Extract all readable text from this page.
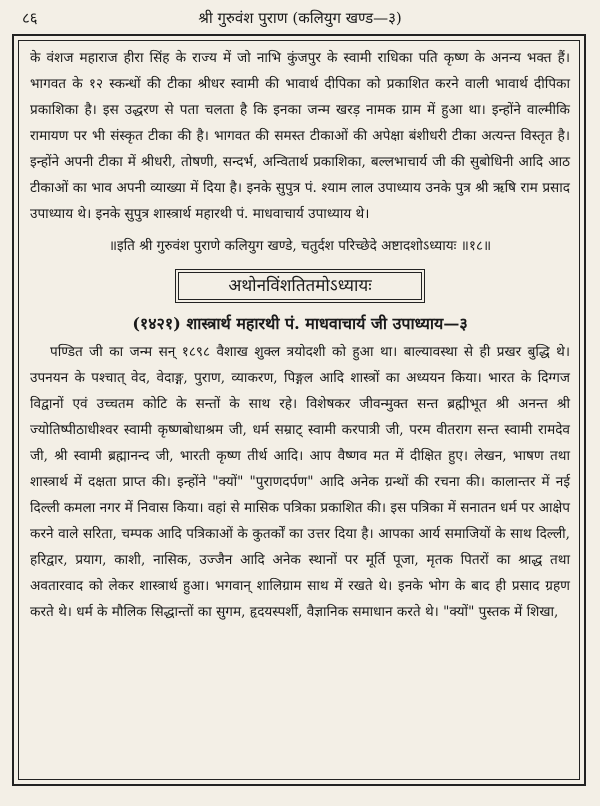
८६	श्री गुरुवंश पुराण (कलियुग खण्ड—३)

के वंशज महाराज हीरा सिंह के राज्य में जो नाभि कुंजपुर के स्वामी राधिका पति कृष्ण के अनन्य भक्त हैं। भागवत के १२ स्कन्धों की टीका श्रीधर स्वामी की भावार्थ दीपिका को प्रकाशित करने वाली भावार्थ दीपिका प्रकाशिका है। इस उद्धरण से पता चलता है कि इनका जन्म खरड़ नामक ग्राम में हुआ था। इन्होंने वाल्मीकि रामायण पर भी संस्कृत टीका की है। भागवत की समस्त टीकाओं की अपेक्षा बंशीधरी टीका अत्यन्त विस्तृत है। इन्होंने अपनी टीका में श्रीधरी, तोषणी, सन्दर्भ, अन्वितार्थ प्रकाशिका, बल्लभाचार्य जी की सुबोधिनी आदि आठ टीकाओं का भाव अपनी व्याख्या में दिया है। इनके सुपुत्र पं. श्याम लाल उपाध्याय उनके पुत्र श्री ऋषि राम प्रसाद उपाध्याय थे। इनके सुपुत्र शास्त्रार्थ महारथी पं. माधवाचार्य उपाध्याय थे।

॥इति श्री गुरुवंश पुराणे कलियुग खण्डे, चतुर्दश परिच्छेदे अष्टादशोऽध्यायः ॥१८॥

अथोनविंशतितमोऽध्यायः
(१४२१) शास्त्रार्थ महारथी पं. माधवाचार्य जी उपाध्याय—३

पण्डित जी का जन्म सन् १८९८ वैशाख शुक्ल त्रयोदशी को हुआ था। बाल्यावस्था से ही प्रखर बुद्धि थे। उपनयन के पश्चात् वेद, वेदाङ्ग, पुराण, व्याकरण, पिङ्गल आदि शास्त्रों का अध्ययन किया। भारत के दिग्गज विद्वानों एवं उच्चतम कोटि के सन्तों के साथ रहे। विशेषकर जीवन्मुक्त सन्त ब्रह्मीभूत श्री अनन्त श्री ज्योतिष्पीठाधीश्वर स्वामी कृष्णबोधाश्रम जी, धर्म सम्राट् स्वामी करपात्री जी, परम वीतराग सन्त स्वामी रामदेव जी, श्री स्वामी ब्रह्मानन्द जी, भारती कृष्ण तीर्थ आदि। आप वैष्णव मत में दीक्षित हुए। लेखन, भाषण तथा शास्त्रार्थ में दक्षता प्राप्त की। इन्होंने "क्यों" "पुराणदर्पण" आदि अनेक ग्रन्थों की रचना की। कालान्तर में नई दिल्ली कमला नगर में निवास किया। वहां से मासिक पत्रिका प्रकाशित की। इस पत्रिका में सनातन धर्म पर आक्षेप करने वाले सरिता, चम्पक आदि पत्रिकाओं के कुतर्कों का उत्तर दिया है। आपका आर्य समाजियों के साथ दिल्ली, हरिद्वार, प्रयाग, काशी, नासिक, उज्जैन आदि अनेक स्थानों पर मूर्ति पूजा, मृतक पितरों का श्राद्ध तथा अवतारवाद को लेकर शास्त्रार्थ हुआ। भगवान् शालिग्राम साथ में रखते थे। इनके भोग के बाद ही प्रसाद ग्रहण करते थे। धर्म के मौलिक सिद्धान्तों का सुगम, हृदयस्पर्शी, वैज्ञानिक समाधान करते थे। "क्यों" पुस्तक में शिखा,
